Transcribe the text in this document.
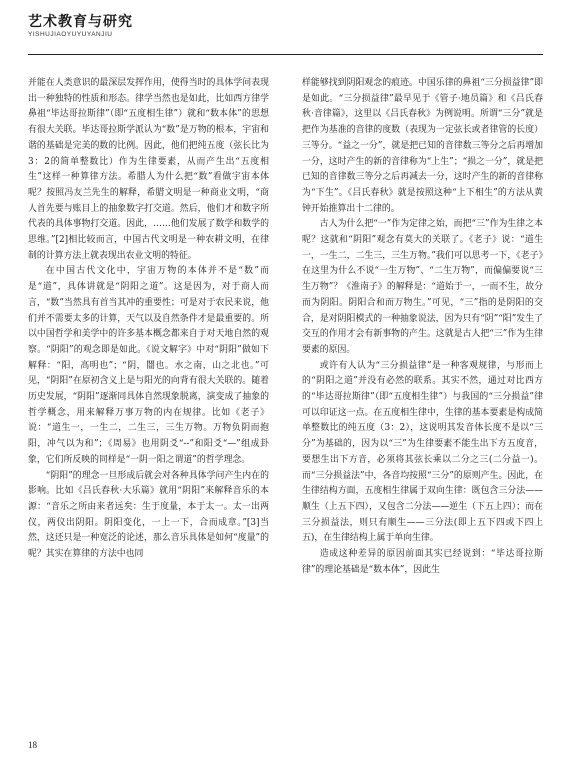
艺术教育与研究
YISHUJIAOYUYUYANJIU

并能在人类意识的最深层发挥作用，使得当时的具体学问表现出一种独特的性质和形态。律学当然也是如此，比如西方律学鼻祖“毕达哥拉斯律”（即“五度相生律”）就和“数本体”的思想有很大关联。毕达哥拉斯学派认为“数”是万物的根本，宇宙和谐的基础是完美的数的比例。因此，他们把纯五度（弦长比为3：2的简单整数比）作为生律要素，从而产生出“五度相生”这样一种算律方法。希腊人为什么把“数”看做宇宙本体呢？按照冯友兰先生的解释，希腊文明是一种商业文明，“商人首先要与账目上的抽象数字打交道。然后，他们才和数字所代表的具体事物打交道。因此，……他们发展了数学和数学的思维。”[2]相比较而言，中国古代文明是一种农耕文明，在律制的计算方法上就表现出农业文明的特征。

在中国古代文化中，宇宙万物的本体并不是“数”而是“道”，具体讲就是“阴阳之道”。这是因为，对于商人而言，“数”当然具有首当其冲的重要性；可是对于农民来说，他们并不需要太多的计算，天气以及自然条件才是最重要的。所以中国哲学和美学中的许多基本概念都来自于对天地自然的观察。“阴阳”的观念即是如此。《说文解字》中对“阴阳”做如下解释：“阳，高明也”；“阴，闇也。水之南，山之北也。”可见，“阴阳”在原初含义上是与阳光的向背有很大关联的。随着历史发展，“阴阳”逐渐同具体自然现象脱离，演变成了抽象的哲学概念，用来解释万事万物的内在规律。比如《老子》说：“道生一，一生二，二生三，三生万物。万物负阴而抱阳，冲气以为和”；《周易》也用阴爻“--”和阳爻“—”组成卦象，它们所反映的同样是“一阴一阳之谓道”的哲学理念。

“阴阳”的理念一旦形成后就会对各种具体学问产生内在的影响。比如《吕氏春秋·大乐篇》就用“阴阳”来解释音乐的本源：“音乐之所由来者远矣：生于度量，本于太一。太一出两仪，两仪出阴阳。阴阳变化，一上一下，合而成章。”[3]当然，这还只是一种宽泛的论述，那么音乐具体是如何“度量”的呢？其实在算律的方法中也同

样能够找到阴阳观念的痕迹。中国乐律的鼻祖“三分损益律”即是如此。“三分损益律”最早见于《管子·地员篇》和《吕氏春秋·音律篇》，这里以《吕氏春秋》为例说明。所谓“三分”就是把作为基准的音律的度数（表现为一定弦长或者律管的长度）三等分。“益之一分”，就是把已知的音律数三等分之后再增加一分，这时产生的新的音律称为“上生”；“损之一分”，就是把已知的音律数三等分之后再减去一分，这时产生的新的音律称为“下生”。《吕氏春秋》就是按照这种“上下相生”的方法从黄钟开始推算出十二律的。

古人为什么把“一”作为定律之始，而把“三”作为生律之本呢？这就和“阴阳”观念有莫大的关联了。《老子》说：“道生一，一生二，二生三，三生万物。”我们可以思考一下，《老子》在这里为什么不说“一生万物”、“二生万物”，而偏偏要说“三生万物”？《淮南子》的解释是：“道始于一，一而不生，故分而为阴阳。阴阳合和而万物生。”可见，“三”指的是阴阳的交合，是对阴阳模式的一种抽象说法，因为只有“阴”“阳”发生了交互的作用才会有新事物的产生。这就是古人把“三”作为生律要素的原因。

或许有人认为“三分损益律”是一种客观规律，与形而上的“阴阳之道”并没有必然的联系。其实不然，通过对比西方的“毕达哥拉斯律”（即“五度相生律”）与我国的“三分损益”律可以印证这一点。在五度相生律中，生律的基本要素是构成简单整数比的纯五度（3：2），这说明其发音体长度不是以“三分”为基础的，因为以“三”为生律要素不能生出下方五度音，要想生出下方音，必须将其弦长乘以二分之三(二分益一)。而“三分损益法”中，各音均按照“三分”的原则产生。因此，在生律结构方面，五度相生律属于双向生律：既包含三分法——顺生（上五下四），又包含二分法——逆生（下五上四）；而在三分损益法，则只有顺生——三分法(即上五下四或下四上五)，在生律结构上属于单向生律。

造成这种差异的原因前面其实已经说到：“毕达哥拉斯律”的理论基础是“数本体”，因此生

18
